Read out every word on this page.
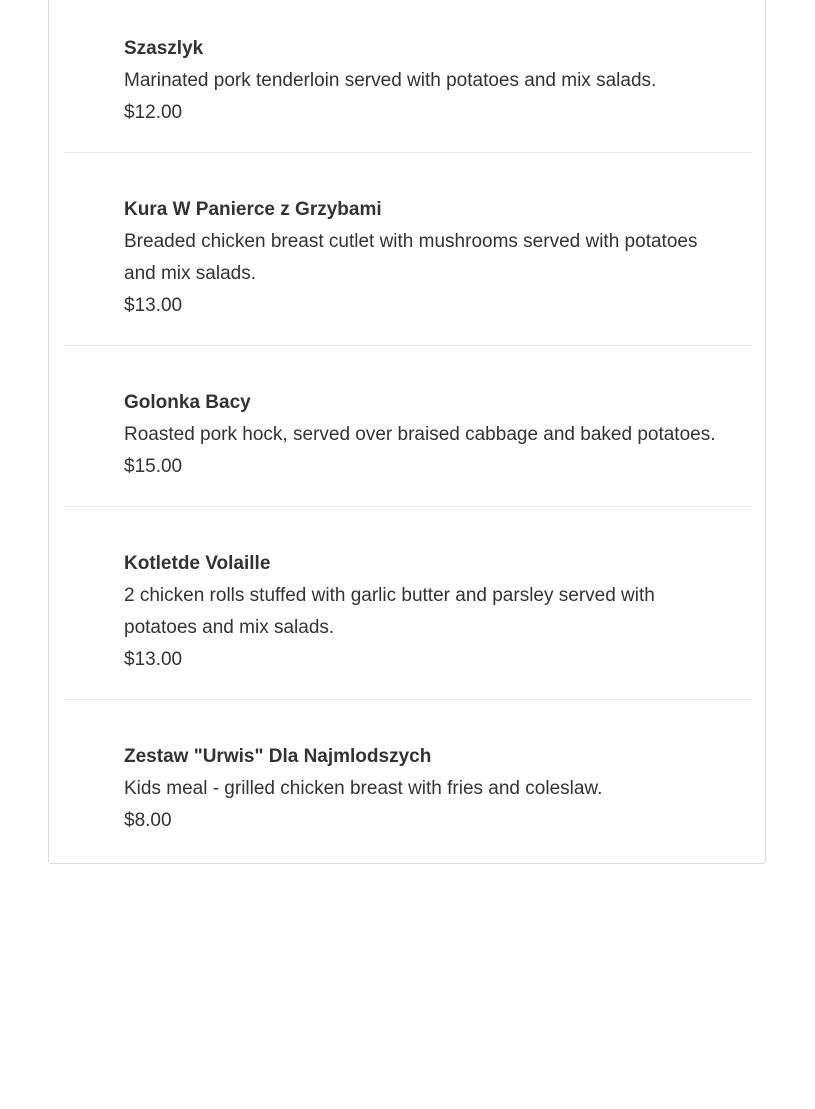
Szaszlyk
Marinated pork tenderloin served with potatoes and mix salads.
$12.00
Kura W Panierce z Grzybami
Breaded chicken breast cutlet with mushrooms served with potatoes and mix salads.
$13.00
Golonka Bacy
Roasted pork hock, served over braised cabbage and baked potatoes.
$15.00
Kotletde Volaille
2 chicken rolls stuffed with garlic butter and parsley served with potatoes and mix salads.
$13.00
Zestaw "Urwis" Dla Najmlodszych
Kids meal - grilled chicken breast with fries and coleslaw.
$8.00
